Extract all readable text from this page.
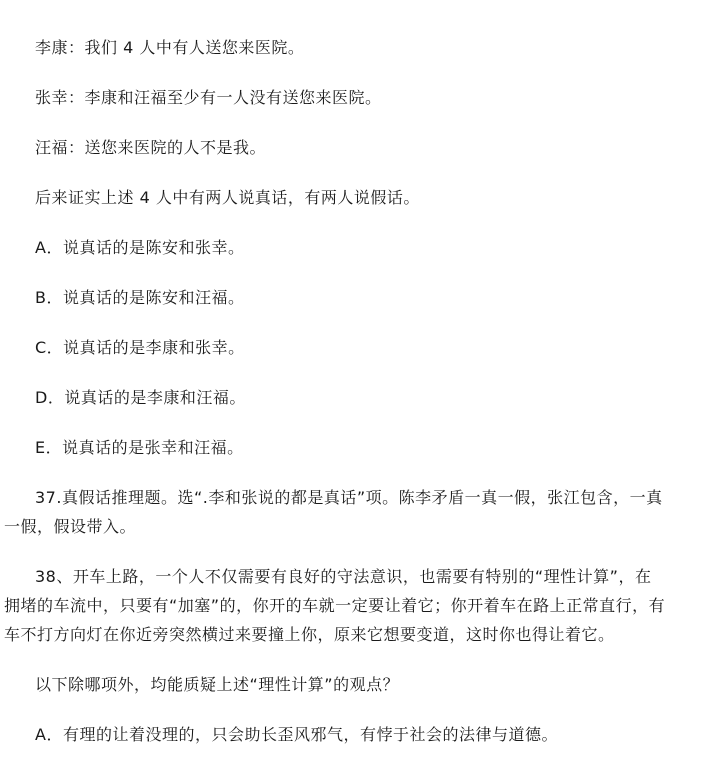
李康：我们 4 人中有人送您来医院。

张幸：李康和汪福至少有一人没有送您来医院。

汪福：送您来医院的人不是我。

后来证实上述 4 人中有两人说真话，有两人说假话。

A．说真话的是陈安和张幸。

B．说真话的是陈安和汪福。

C．说真话的是李康和张幸。

D．说真话的是李康和汪福。

E．说真话的是张幸和汪福。

37.真假话推理题。选“.李和张说的都是真话”项。陈李矛盾一真一假，张江包含，一真一假，假设带入。

38、开车上路，一个人不仅需要有良好的守法意识，也需要有特别的“理性计算”，在拥堵的车流中，只要有“加塞”的，你开的车就一定要让着它；你开着车在路上正常直行，有车不打方向灯在你近旁突然横过来要撞上你，原来它想要变道，这时你也得让着它。

以下除哪项外，均能质疑上述“理性计算”的观点？

A．有理的让着没理的，只会助长歪风邪气，有悖于社会的法律与道德。
